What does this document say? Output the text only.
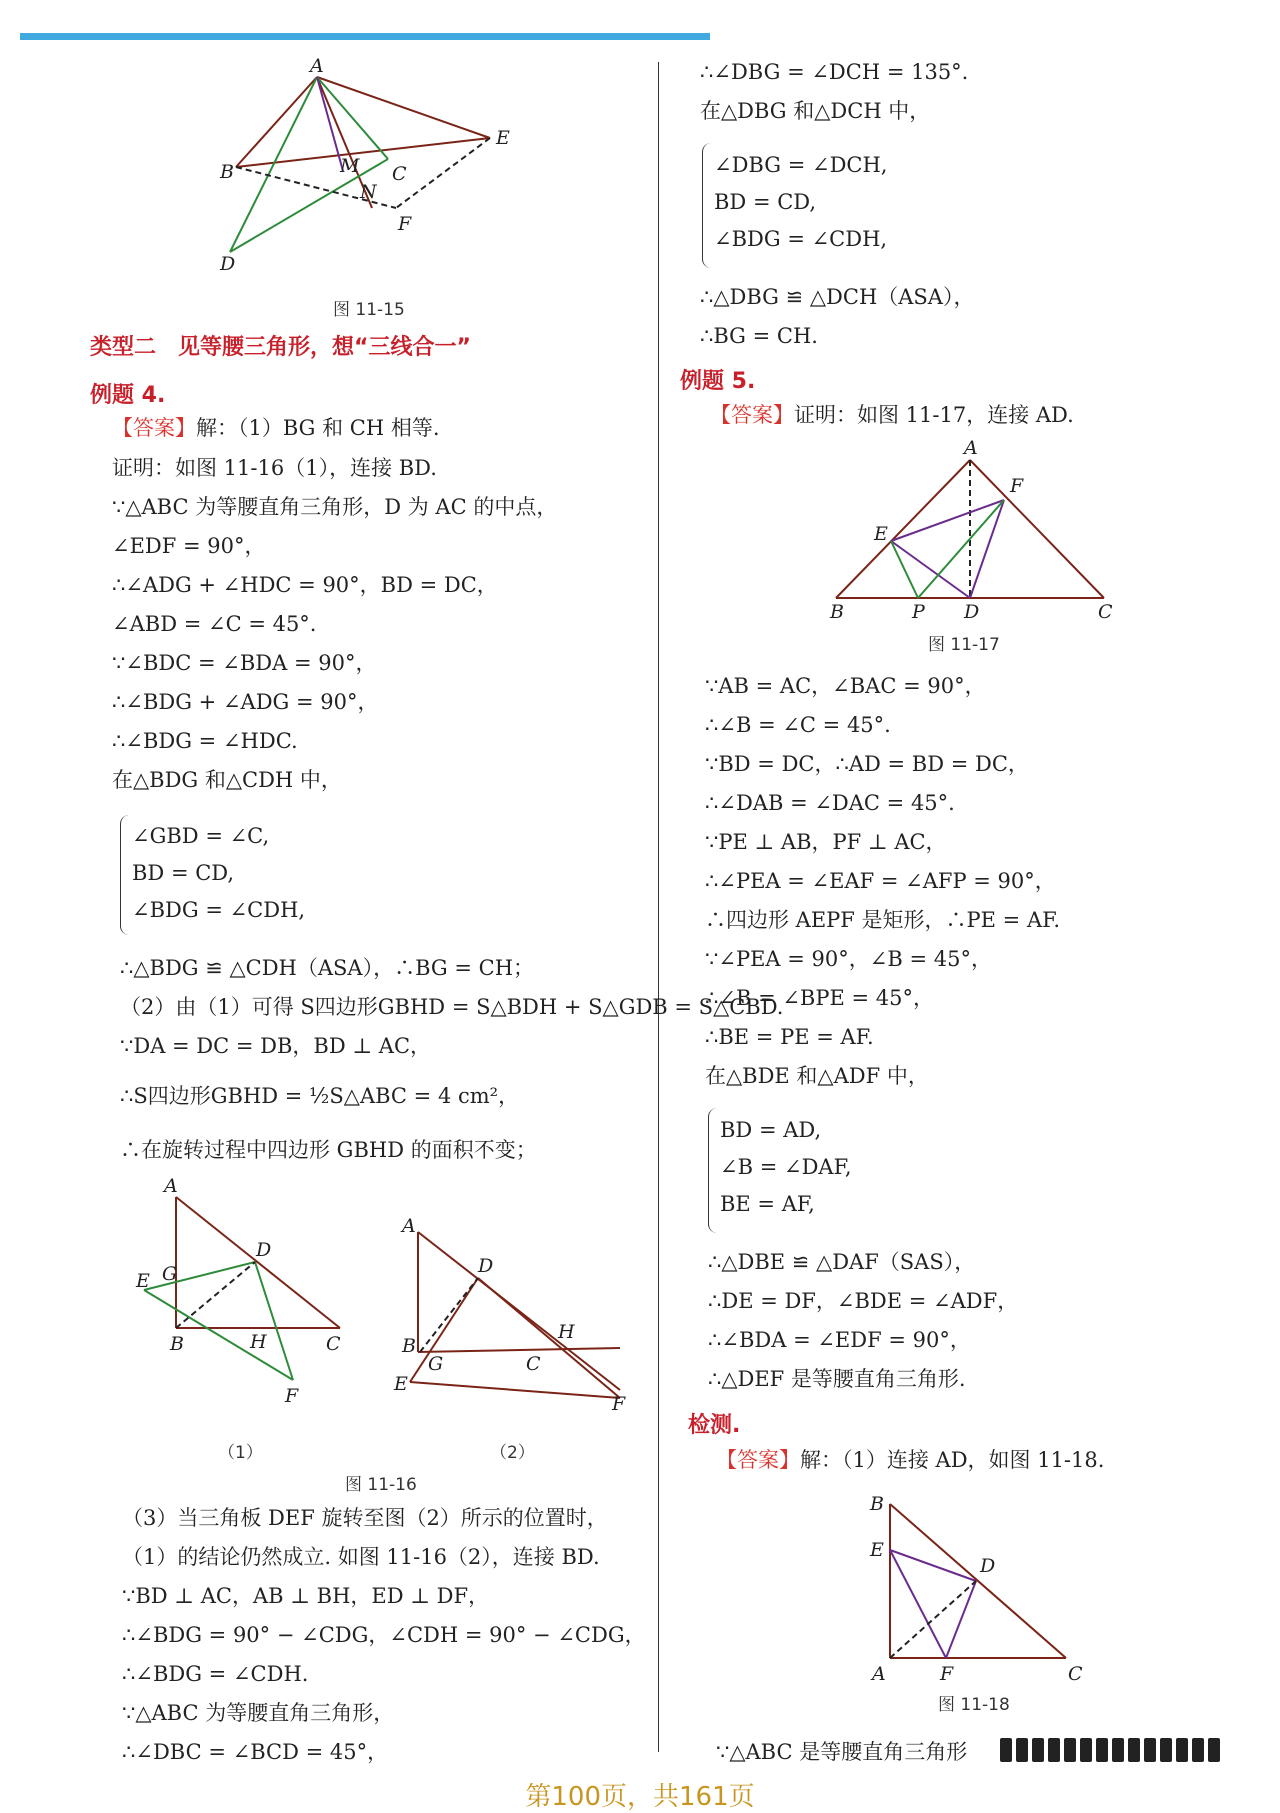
A
E
B	M C
N
F
D
图 11-15
类型二　见等腰三角形，想“三线合一”
例题 4.
【答案】解：（1）BG 和 CH 相等.
证明：如图 11-16（1），连接 BD.
∵△ABC 为等腰直角三角形，D 为 AC 的中点，
∠EDF = 90°，
∴∠ADG + ∠HDC = 90°，BD = DC，
∠ABD = ∠C = 45°.
∵∠BDC = ∠BDA = 90°，
∴∠BDG + ∠ADG = 90°，
∴∠BDG = ∠HDC.
在△BDG 和△CDH 中，
∠GBD = ∠C,
BD = CD,
∠BDG = ∠CDH,
∴△BDG ≌ △CDH（ASA），∴BG = CH；
（2）由（1）可得 S四边形GBHD = S△BDH + S△GDB = S△CBD.
∵DA = DC = DB，BD ⊥ AC，
∴S四边形GBHD = ½S△ABC = 4 cm²，
∴在旋转过程中四边形 GBHD 的面积不变；
A
D
G
E
B	H	C
F
A
D
H
B
G	C
E
F
（1）	（2）
图 11-16
（3）当三角板 DEF 旋转至图（2）所示的位置时，
（1）的结论仍然成立. 如图 11-16（2），连接 BD.
∵BD ⊥ AC，AB ⊥ BH，ED ⊥ DF，
∴∠BDG = 90° − ∠CDG，∠CDH = 90° − ∠CDG，
∴∠BDG = ∠CDH.
∵△ABC 为等腰直角三角形，
∴∠DBC = ∠BCD = 45°，
∴∠DBG = ∠DCH = 135°.
在△DBG 和△DCH 中，
∠DBG = ∠DCH,
BD = CD,
∠BDG = ∠CDH,
∴△DBG ≌ △DCH（ASA），
∴BG = CH.
例题 5.
【答案】证明：如图 11-17，连接 AD.
A
F
E
B	P D	C
图 11-17
∵AB = AC，∠BAC = 90°，
∴∠B = ∠C = 45°.
∵BD = DC，∴AD = BD = DC，
∴∠DAB = ∠DAC = 45°.
∵PE ⊥ AB，PF ⊥ AC，
∴∠PEA = ∠EAF = ∠AFP = 90°，
∴四边形 AEPF 是矩形，∴PE = AF.
∵∠PEA = 90°，∠B = 45°，
∴∠B = ∠BPE = 45°，
∴BE = PE = AF.
在△BDE 和△ADF 中，
BD = AD,
∠B = ∠DAF,
BE = AF,
∴△DBE ≌ △DAF（SAS），
∴DE = DF，∠BDE = ∠ADF，
∴∠BDA = ∠EDF = 90°，
∴△DEF 是等腰直角三角形.
检测.
【答案】解：（1）连接 AD，如图 11-18.
B
E
D
A	F	C
图 11-18
∵△ABC 是等腰直角三角形
第100页，共161页
